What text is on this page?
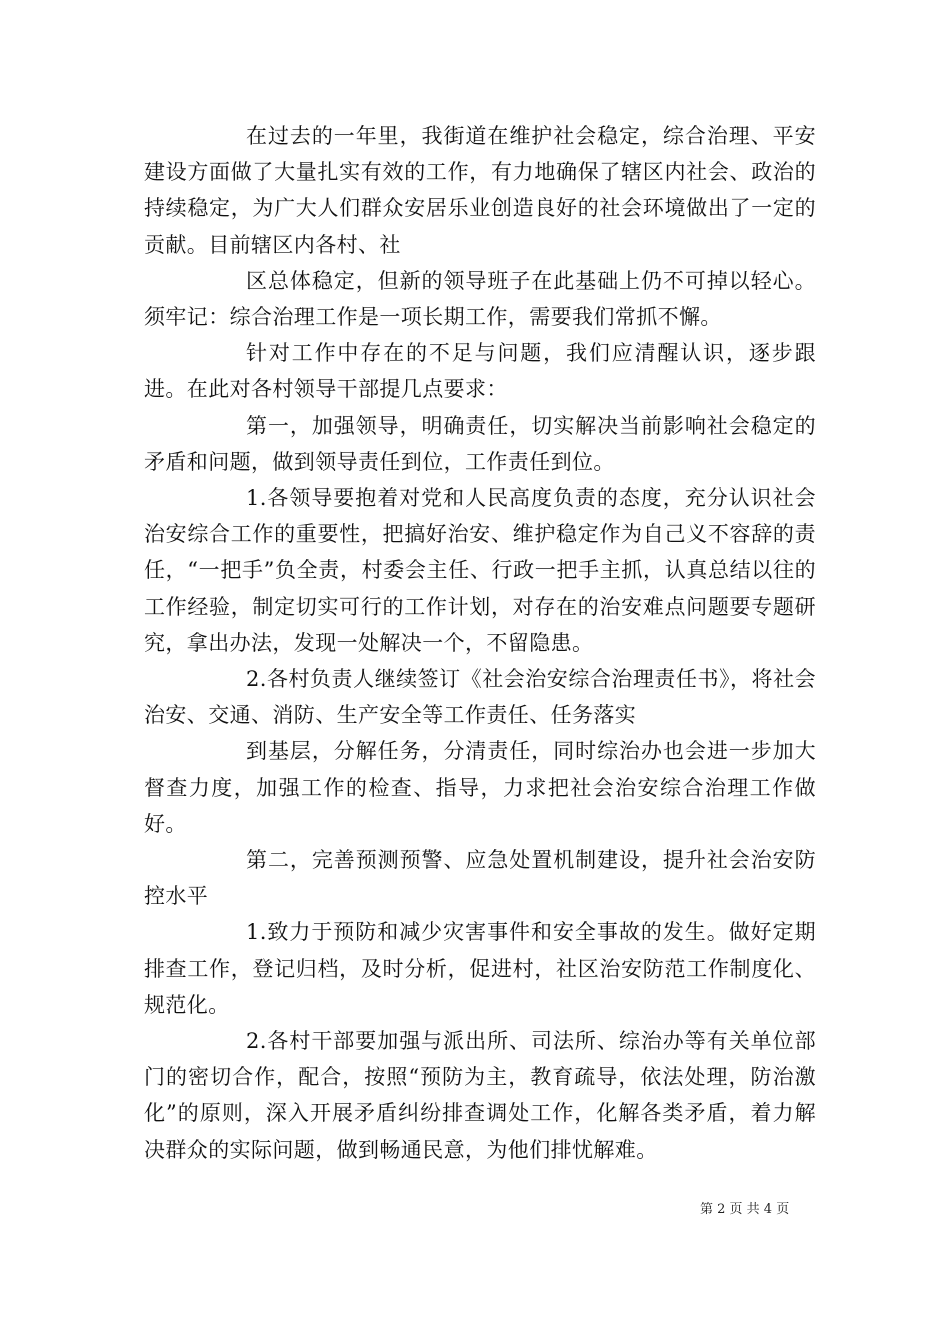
在过去的一年里，我街道在维护社会稳定，综合治理、平安建设方面做了大量扎实有效的工作，有力地确保了辖区内社会、政治的持续稳定，为广大人们群众安居乐业创造良好的社会环境做出了一定的贡献。目前辖区内各村、社

区总体稳定，但新的领导班子在此基础上仍不可掉以轻心。须牢记：综合治理工作是一项长期工作，需要我们常抓不懈。

针对工作中存在的不足与问题，我们应清醒认识，逐步跟进。在此对各村领导干部提几点要求：

第一，加强领导，明确责任，切实解决当前影响社会稳定的矛盾和问题，做到领导责任到位，工作责任到位。

1.各领导要抱着对党和人民高度负责的态度，充分认识社会治安综合工作的重要性，把搞好治安、维护稳定作为自己义不容辞的责任，“一把手”负全责，村委会主任、行政一把手主抓，认真总结以往的工作经验，制定切实可行的工作计划，对存在的治安难点问题要专题研究，拿出办法，发现一处解决一个，不留隐患。

2.各村负责人继续签订《社会治安综合治理责任书》，将社会治安、交通、消防、生产安全等工作责任、任务落实

到基层，分解任务，分清责任，同时综治办也会进一步加大督查力度，加强工作的检查、指导，力求把社会治安综合治理工作做好。

第二，完善预测预警、应急处置机制建设，提升社会治安防控水平

1.致力于预防和减少灾害事件和安全事故的发生。做好定期排查工作，登记归档，及时分析，促进村，社区治安防范工作制度化、规范化。

2.各村干部要加强与派出所、司法所、综治办等有关单位部门的密切合作，配合，按照“预防为主，教育疏导，依法处理，防治激化”的原则，深入开展矛盾纠纷排查调处工作，化解各类矛盾，着力解决群众的实际问题，做到畅通民意，为他们排忧解难。

第 2 页 共 4 页
